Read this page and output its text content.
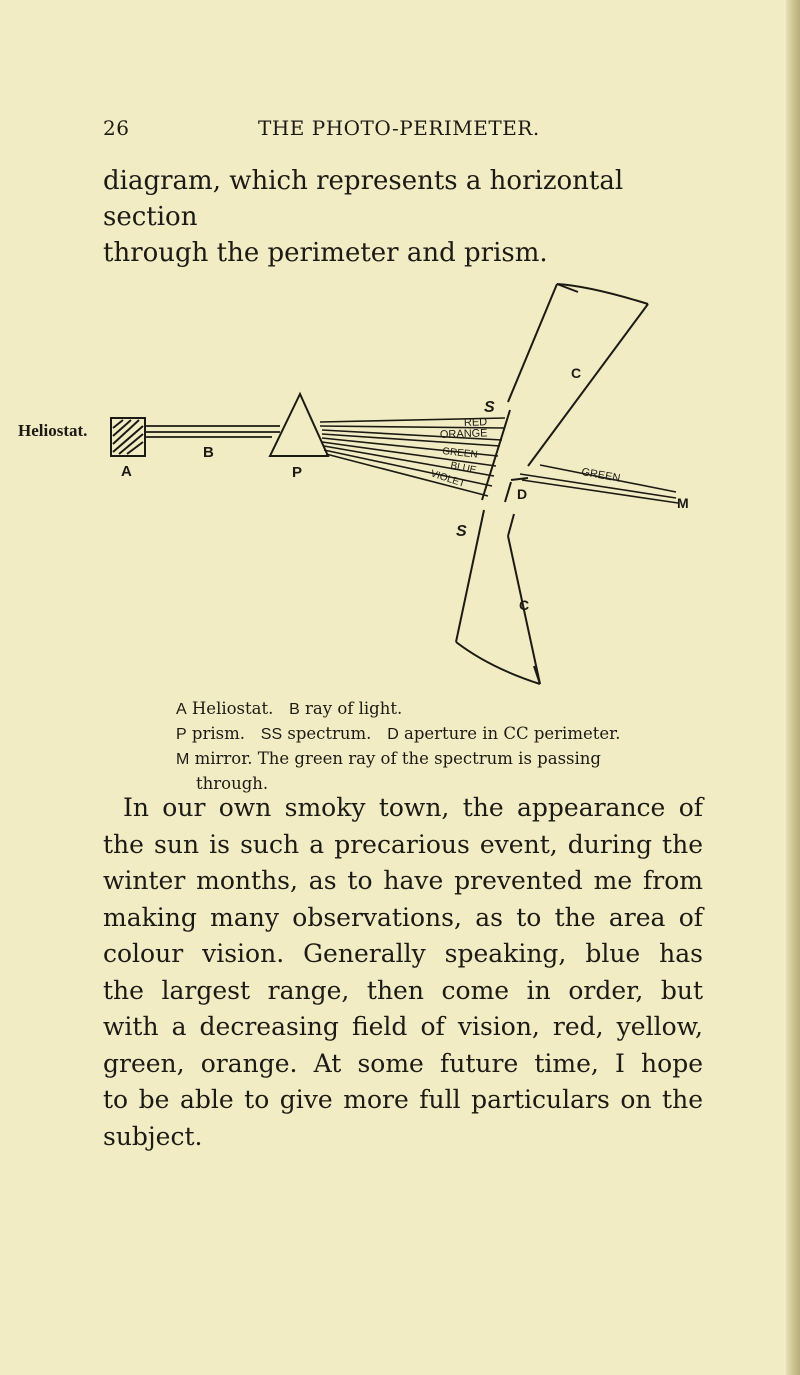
26	THE PHOTO-PERIMETER.

diagram, which represents a horizontal section

through the perimeter and prism.

Heliostat.
A
B
P
RED
ORANGE
GREEN
BLUE
VIOLET
S
S
C
D
GREEN
M
C
A Heliostat. B ray of light.
P prism. SS spectrum. D aperture in CC perimeter.
M mirror. The green ray of the spectrum is passing
through.

In our own smoky town, the appearance of
the sun is such a precarious event, during the
winter months, as to have prevented me from
making many observations, as to the area of
colour vision. Generally speaking, blue has
the largest range, then come in order, but
with a decreasing field of vision, red, yellow,
green, orange. At some future time, I hope
to be able to give more full particulars on the
subject.
